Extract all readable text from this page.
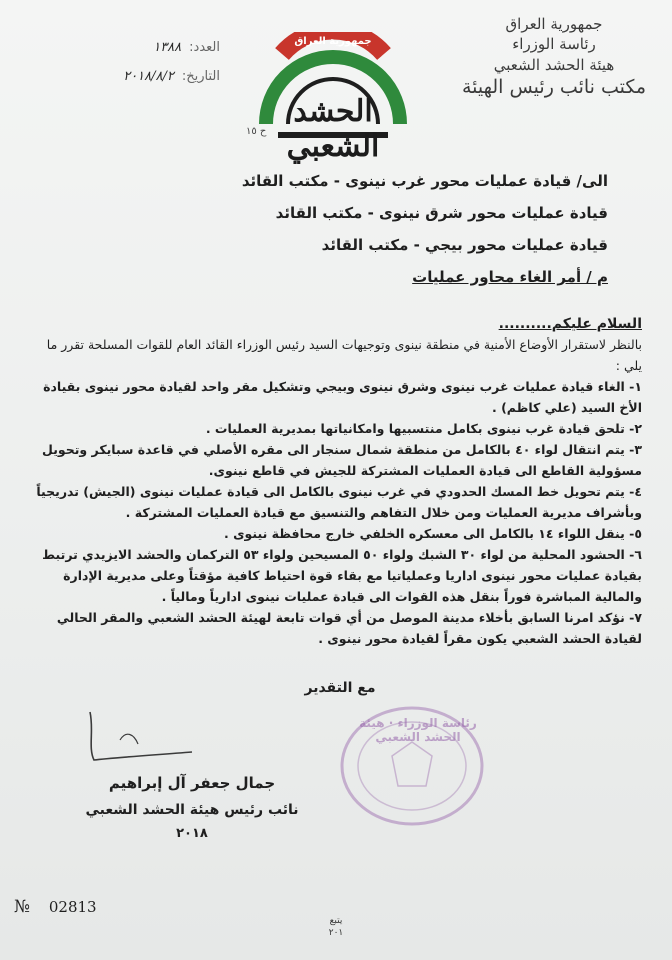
جمهورية العراق
رئاسة الوزراء
هيئة الحشد الشعبي
مكتب نائب رئيس الهيئة
العدد:
١٣٨٨
التاريخ:
٢٠١٨/٨/٢
جمهورية العراق
الحشد الشعبي
ح ١٥
الى/ قيادة عمليات محور غرب نينوى - مكتب القائد
قيادة عمليات محور شرق نينوى - مكتب القائد
قيادة عمليات محور بيجي - مكتب القائد
م / أمر الغاء محاور عمليات
السلام عليكم..........
بالنظر لاستقرار الأوضاع الأمنية في منطقة نينوى وتوجيهات السيد رئيس الوزراء القائد العام للقوات المسلحة تقرر ما يلي :
١- الغاء قيادة عمليات غرب نينوى وشرق نينوى وبيجي وتشكيل مقر واحد لقيادة محور نينوى بقيادة الأخ السيد (علي كاظم) .
٢- تلحق قيادة غرب نينوى بكامل منتسبيها وامكانياتها بمديرية العمليات .
٣- يتم انتقال لواء ٤٠ بالكامل من منطقة شمال سنجار الى مقره الأصلي في قاعدة سبايكر وتحويل مسؤولية القاطع الى قيادة العمليات المشتركة للجيش في قاطع نينوى.
٤- يتم تحويل خط المسك الحدودي في غرب نينوى بالكامل الى قيادة عمليات نينوى (الجيش) تدريجياً وبأشراف مديرية العمليات ومن خلال التفاهم والتنسيق مع قيادة العمليات المشتركة .
٥- ينقل اللواء ١٤ بالكامل الى معسكره الخلفي خارج محافظة نينوى .
٦- الحشود المحلية من لواء ٣٠ الشبك ولواء ٥٠ المسيحين ولواء ٥٣ التركمان والحشد الايزيدي ترتبط بقيادة عمليات محور نينوى اداريا وعملياتيا مع بقاء قوة احتياط كافية مؤقتاً وعلى مديرية الإدارة والمالية المباشرة فوراً بنقل هذه القوات الى قيادة عمليات نينوى ادارياً ومالياً .
٧- نؤكد امرنا السابق بأخلاء مدينة الموصل من أي قوات تابعة لهيئة الحشد الشعبي والمقر الحالي لقيادة الحشد الشعبي يكون مقراً لقيادة محور نينوى .
مع التقدير
رئاسة الوزراء · هيئة الحشد الشعبي
جمال جعفر آل إبراهيم
نائب رئيس هيئة الحشد الشعبي
٢٠١٨
№ 02813
يتبع
٢٠١
